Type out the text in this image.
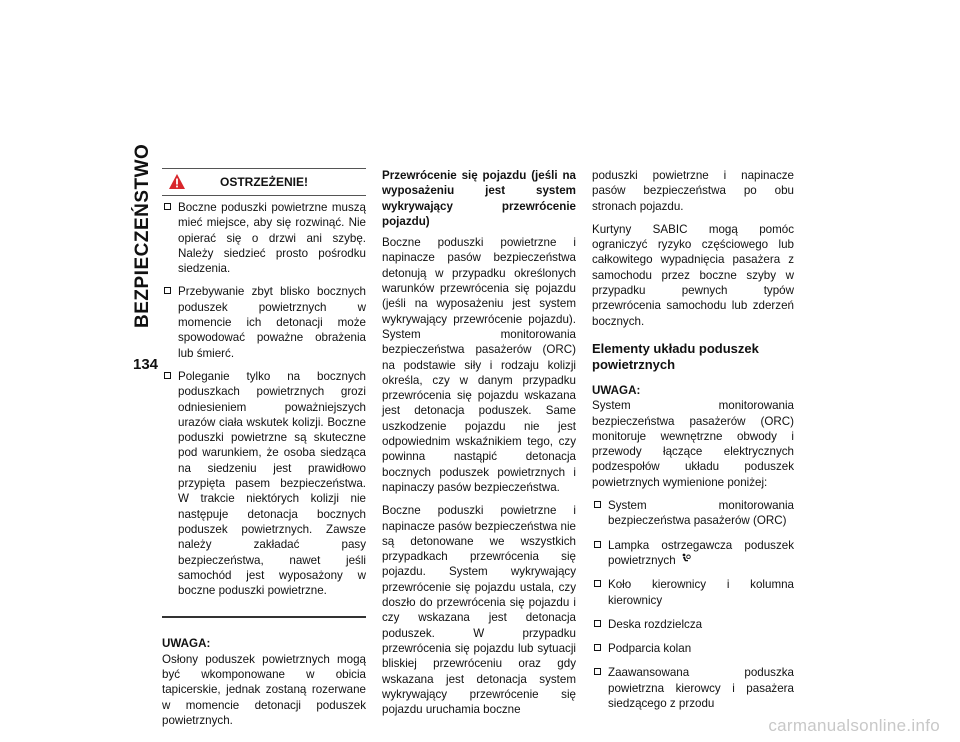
BEZPIECZEŃSTWO
134
OSTRZEŻENIE!
Boczne poduszki powietrzne muszą mieć miejsce, aby się rozwinąć. Nie opierać się o drzwi ani szybę. Należy siedzieć prosto pośrodku siedzenia.
Przebywanie zbyt blisko bocznych poduszek powietrznych w momencie ich detonacji może spowodować poważne obrażenia lub śmierć.
Poleganie tylko na bocznych poduszkach powietrznych grozi odniesieniem poważniejszych urazów ciała wskutek kolizji. Boczne poduszki powietrzne są skuteczne pod warunkiem, że osoba siedząca na siedzeniu jest prawidłowo przypięta pasem bezpieczeństwa. W trakcie niektórych kolizji nie następuje detonacja bocznych poduszek powietrznych. Zawsze należy zakładać pasy bezpieczeństwa, nawet jeśli samochód jest wyposażony w boczne poduszki powietrzne.
UWAGA:

Osłony poduszek powietrznych mogą być wkomponowane w obicia tapicerskie, jednak zostaną rozerwane w momencie detonacji poduszek powietrznych.

Przewrócenie się pojazdu (jeśli na wyposażeniu jest system wykrywający przewrócenie pojazdu)

Boczne poduszki powietrzne i napinacze pasów bezpieczeństwa detonują w przypadku określonych warunków przewrócenia się pojazdu (jeśli na wyposażeniu jest system wykrywający przewrócenie pojazdu). System monitorowania bezpieczeństwa pasażerów (ORC) na podstawie siły i rodzaju kolizji określa, czy w danym przypadku przewrócenia się pojazdu wskazana jest detonacja poduszek. Same uszkodzenie pojazdu nie jest odpowiednim wskaźnikiem tego, czy powinna nastąpić detonacja bocznych poduszek powietrznych i napinaczy pasów bezpieczeństwa.

Boczne poduszki powietrzne i napinacze pasów bezpieczeństwa nie są detonowane we wszystkich przypadkach przewrócenia się pojazdu. System wykrywający przewrócenie się pojazdu ustala, czy doszło do przewrócenia się pojazdu i czy wskazana jest detonacja poduszek. W przypadku przewrócenia się pojazdu lub sytuacji bliskiej przewróceniu oraz gdy wskazana jest detonacja system wykrywający przewrócenie się pojazdu uruchamia boczne

poduszki powietrzne i napinacze pasów bezpieczeństwa po obu stronach pojazdu.

Kurtyny SABIC mogą pomóc ograniczyć ryzyko częściowego lub całkowitego wypadnięcia pasażera z samochodu przez boczne szyby w przypadku pewnych typów przewrócenia samochodu lub zderzeń bocznych.

Elementy układu poduszek powietrznych
UWAGA:

System monitorowania bezpieczeństwa pasażerów (ORC) monitoruje wewnętrzne obwody i przewody łączące elektrycznych podzespołów układu poduszek powietrznych wymienione poniżej:

System monitorowania bezpieczeństwa pasażerów (ORC)
Lampka ostrzegawcza poduszek powietrznych
Koło kierownicy i kolumna kierownicy
Deska rozdzielcza
Podparcia kolan
Zaawansowana poduszka powietrzna kierowcy i pasażera siedzącego z przodu
carmanualsonline.info
